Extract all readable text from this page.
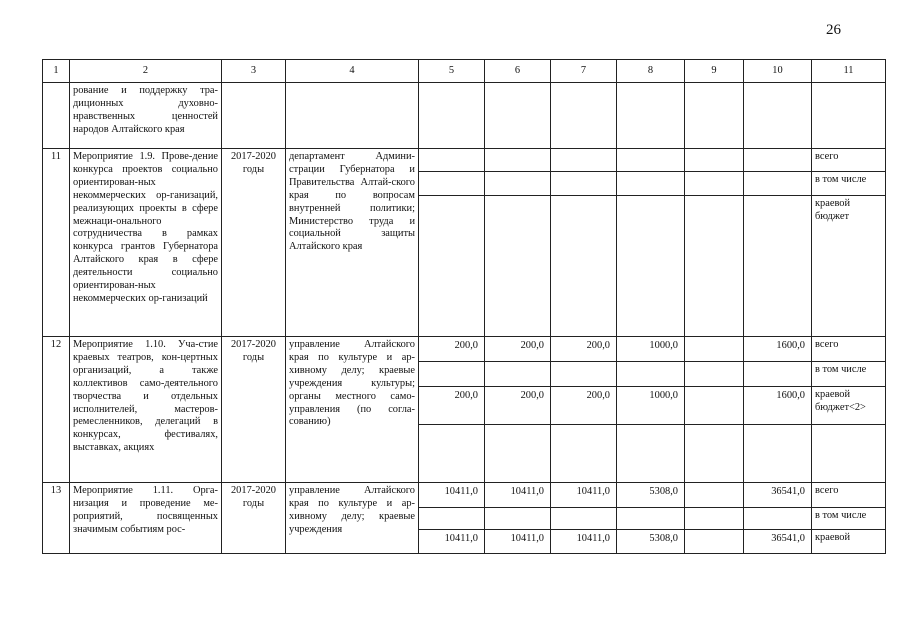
26
1	2	3	4	5	6	7	8	9	10	11
	рование и поддержку тра-диционных духовно-нравственных ценностей народов Алтайского края									
11	Мероприятие 1.9. Прове-дение конкурса проектов социально ориентирован-ных некоммерческих ор-ганизаций, реализующих проекты в сфере межнаци-онального сотрудничества в рамках конкурса грантов Губернатора Алтайского края в сфере деятельности социально ориентирован-ных некоммерческих ор-ганизаций	2017-2020 годы	департамент Админи-страции Губернатора и Правительства Алтай-ского края по вопросам внутренней политики; Министерство труда и социальной защиты Алтайского края							всего
										в том числе
										краевой бюджет
12	Мероприятие 1.10. Уча-стие краевых театров, кон-цертных организаций, а также коллективов само-деятельного творчества и отдельных исполнителей, мастеров-ремесленников, делегаций в конкурсах, фестивалях, выставках, акциях	2017-2020 годы	управление Алтайского края по культуре и ар-хивному делу; краевые учреждения культуры; органы местного само-управления (по согла-сованию)	200,0	200,0	200,0	1000,0		1600,0	всего
										в том числе
				200,0	200,0	200,0	1000,0		1600,0	краевой бюджет<2>

13	Мероприятие 1.11. Орга-низация и проведение ме-роприятий, посвященных значимым событиям рос-	2017-2020 годы	управление Алтайского края по культуре и ар-хивному делу; краевые учреждения	10411,0	10411,0	10411,0	5308,0		36541,0	всего
										в том числе
				10411,0	10411,0	10411,0	5308,0		36541,0	краевой
